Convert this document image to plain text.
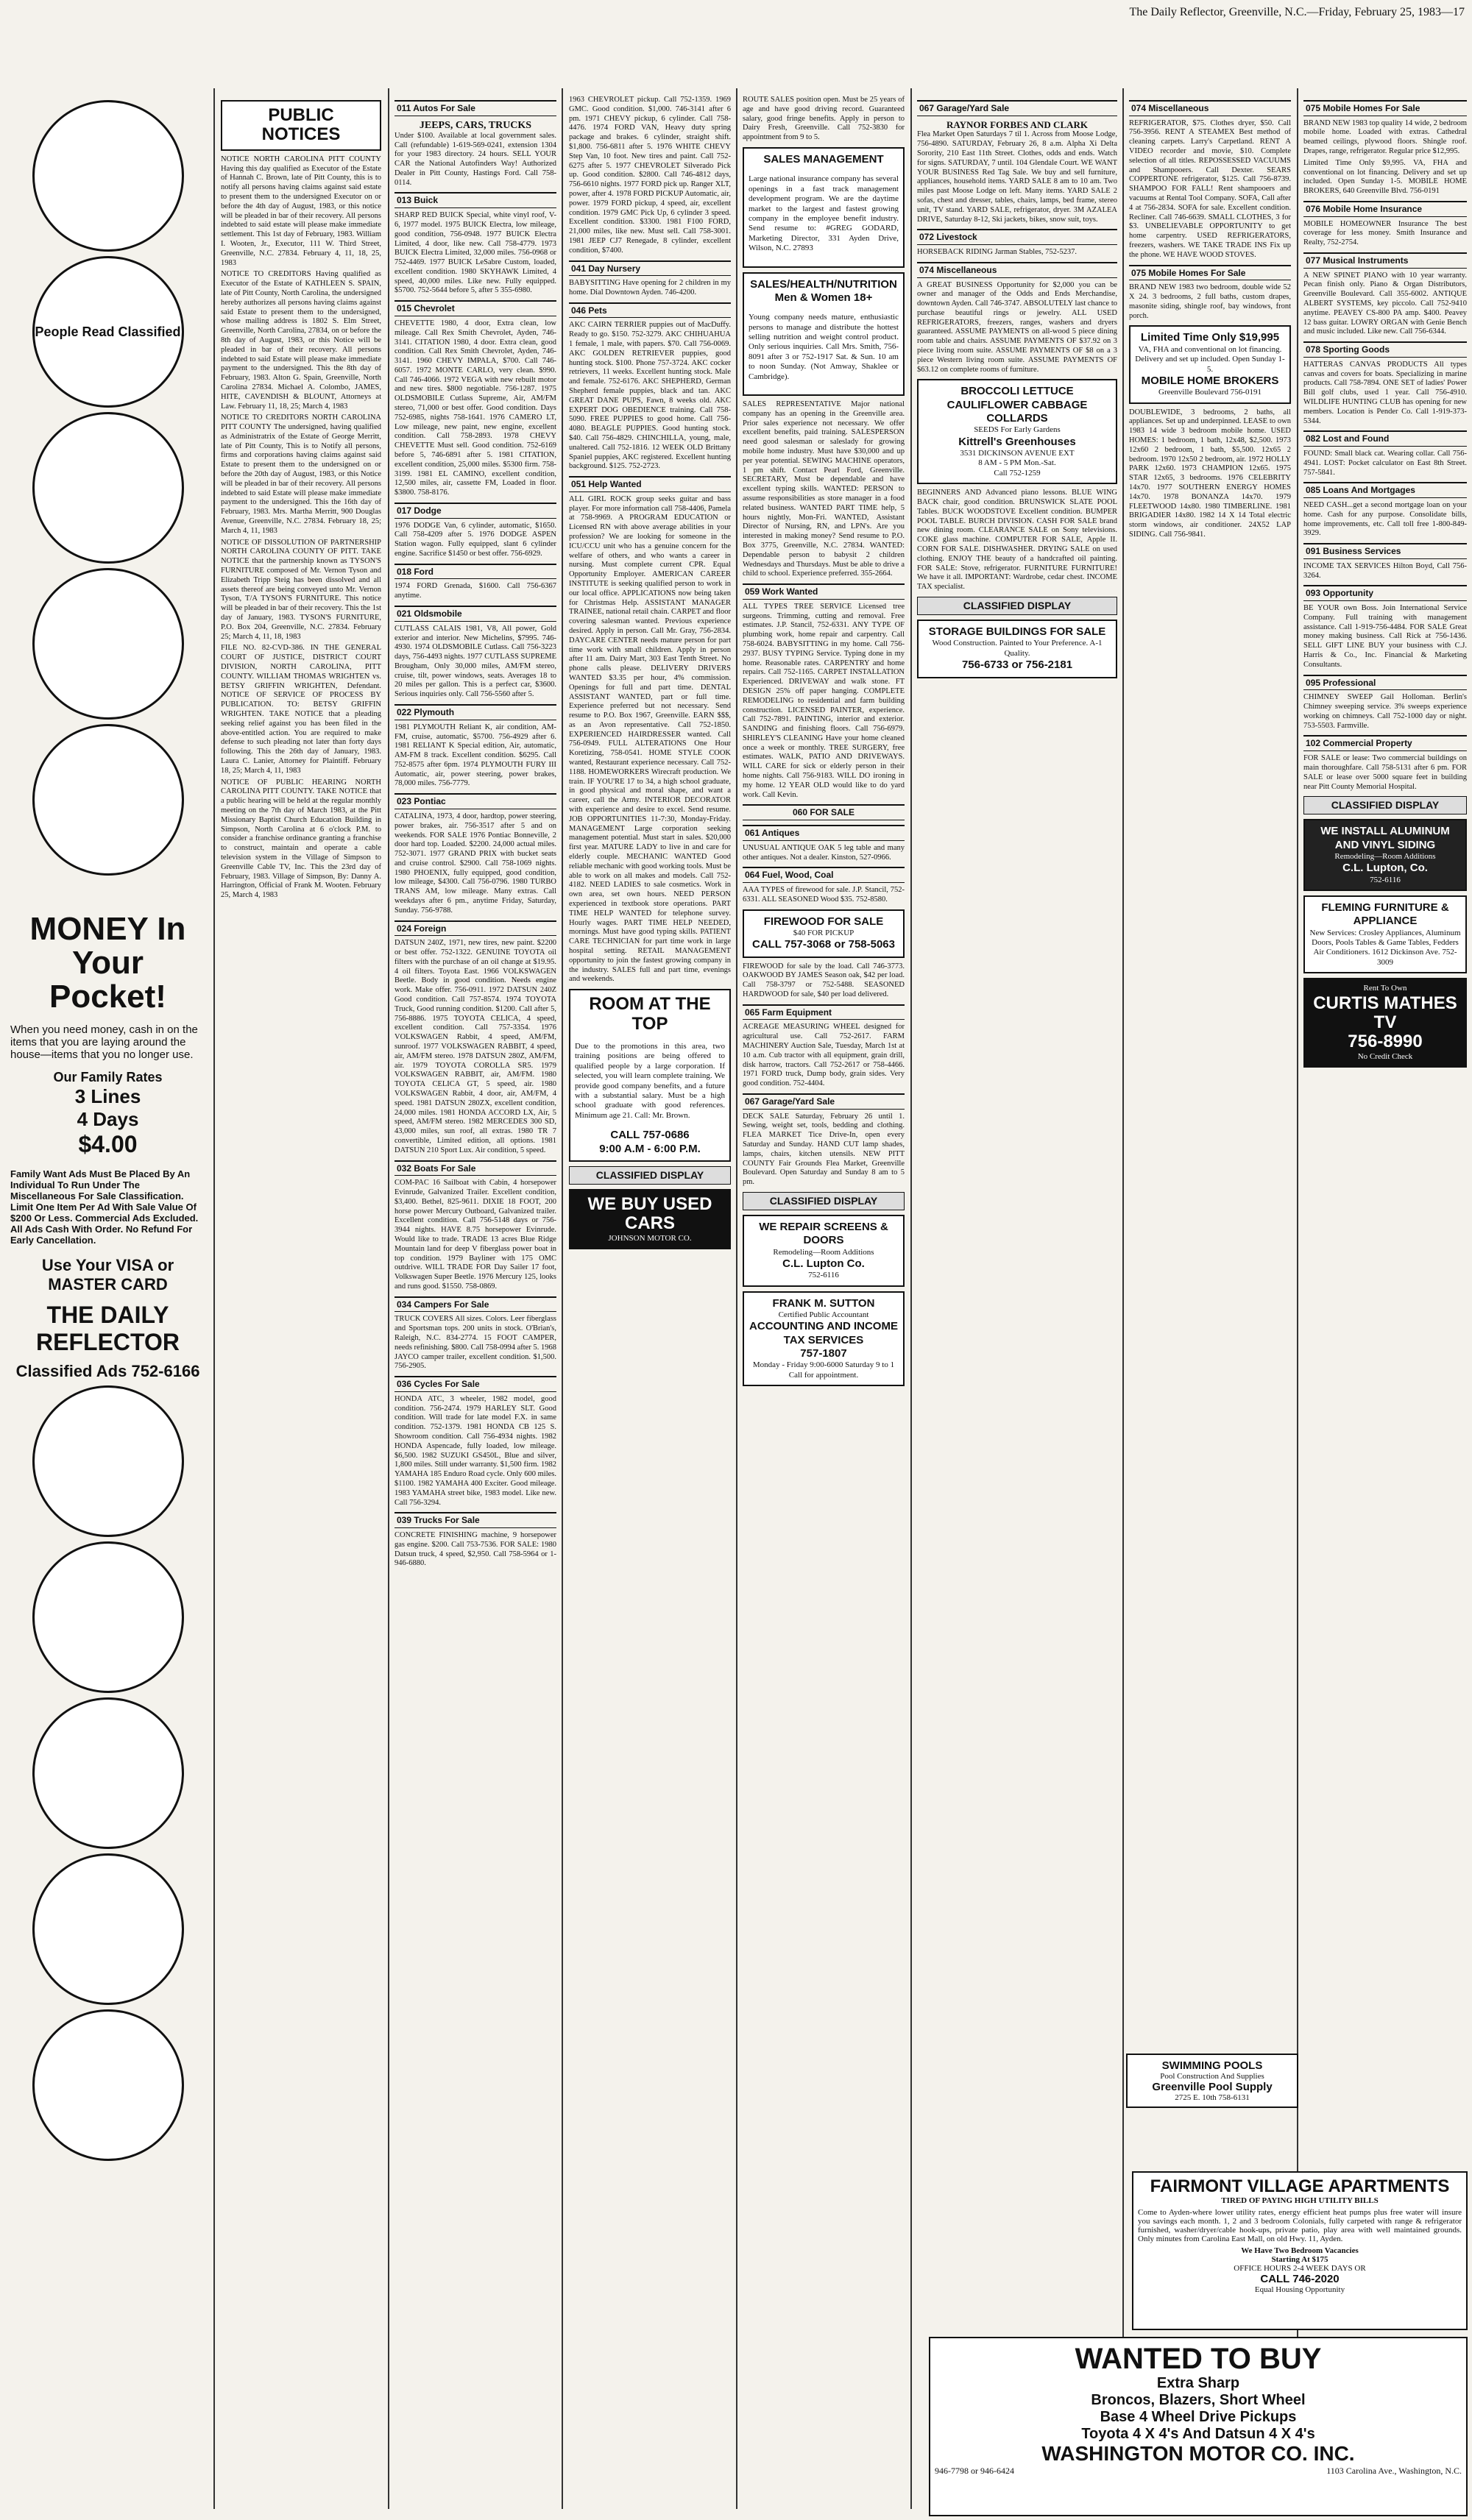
The Daily Reflector, Greenville, N.C.—Friday, February 25, 1983—17
People Read Classified
MONEY In Your Pocket!
When you need money, cash in on the items that you are laying around the house—items that you no longer use.
Our Family Rates
3 Lines
4 Days
$4.00
Family Want Ads Must Be Placed By An Individual To Run Under The Miscellaneous For Sale Classification. Limit One Item Per Ad With Sale Value Of $200 Or Less. Commercial Ads Excluded. All Ads Cash With Order. No Refund For Early Cancellation.
Use Your VISA or MASTER CARD
THE DAILY REFLECTOR
Classified Ads 752-6166
PUBLIC NOTICES

NOTICE NORTH CAROLINA PITT COUNTY Having this day qualified as Executor of the Estate of Hannah C. Brown, late of Pitt County, this is to notify all persons having claims against said estate to present them to the undersigned Executor on or before the 4th day of August, 1983, or this notice will be pleaded in bar of their recovery. All persons indebted to said estate will please make immediate settlement. This 1st day of February, 1983. William I. Wooten, Jr., Executor, 111 W. Third Street, Greenville, N.C. 27834. February 4, 11, 18, 25, 1983

NOTICE TO CREDITORS Having qualified as Executor of the Estate of KATHLEEN S. SPAIN, late of Pitt County, North Carolina, the undersigned hereby authorizes all persons having claims against said Estate to present them to the undersigned, whose mailing address is 1802 S. Elm Street, Greenville, North Carolina, 27834, on or before the 8th day of August, 1983, or this Notice will be pleaded in bar of their recovery. All persons indebted to said Estate will please make immediate payment to the undersigned. This the 8th day of February, 1983. Alton G. Spain, Greenville, North Carolina 27834. Michael A. Colombo, JAMES, HITE, CAVENDISH & BLOUNT, Attorneys at Law. February 11, 18, 25; March 4, 1983

NOTICE TO CREDITORS NORTH CAROLINA PITT COUNTY The undersigned, having qualified as Administratrix of the Estate of George Merritt, late of Pitt County, This is to Notify all persons, firms and corporations having claims against said Estate to present them to the undersigned on or before the 20th day of August, 1983, or this Notice will be pleaded in bar of their recovery. All persons indebted to said Estate will please make immediate payment to the undersigned. This the 16th day of February, 1983. Mrs. Martha Merritt, 900 Douglas Avenue, Greenville, N.C. 27834. February 18, 25; March 4, 11, 1983

NOTICE OF DISSOLUTION OF PARTNERSHIP NORTH CAROLINA COUNTY OF PITT. TAKE NOTICE that the partnership known as TYSON'S FURNITURE composed of Mr. Vernon Tyson and Elizabeth Tripp Steig has been dissolved and all assets thereof are being conveyed unto Mr. Vernon Tyson, T/A TYSON'S FURNITURE. This notice will be pleaded in bar of their recovery. This the 1st day of January, 1983. TYSON'S FURNITURE, P.O. Box 204, Greenville, N.C. 27834. February 25; March 4, 11, 18, 1983

FILE NO. 82-CVD-386. IN THE GENERAL COURT OF JUSTICE, DISTRICT COURT DIVISION, NORTH CAROLINA, PITT COUNTY. WILLIAM THOMAS WRIGHTEN vs. BETSY GRIFFIN WRIGHTEN, Defendant. NOTICE OF SERVICE OF PROCESS BY PUBLICATION. TO: BETSY GRIFFIN WRIGHTEN. TAKE NOTICE that a pleading seeking relief against you has been filed in the above-entitled action. You are required to make defense to such pleading not later than forty days following. This the 26th day of January, 1983. Laura C. Lanier, Attorney for Plaintiff. February 18, 25; March 4, 11, 1983

NOTICE OF PUBLIC HEARING NORTH CAROLINA PITT COUNTY. TAKE NOTICE that a public hearing will be held at the regular monthly meeting on the 7th day of March 1983, at the Pitt Missionary Baptist Church Education Building in Simpson, North Carolina at 6 o'clock P.M. to consider a franchise ordinance granting a franchise to construct, maintain and operate a cable television system in the Village of Simpson to Greenville Cable TV, Inc. This the 23rd day of February, 1983. Village of Simpson, By: Danny A. Harrington, Official of Frank M. Wooten. February 25, March 4, 1983

011 Autos For Sale
JEEPS, CARS, TRUCKS

Under $100. Available at local government sales. Call (refundable) 1-619-569-0241, extension 1304 for your 1983 directory. 24 hours. SELL YOUR CAR the National Autofinders Way! Authorized Dealer in Pitt County, Hastings Ford. Call 758-0114.

013 Buick

SHARP RED BUICK Special, white vinyl roof, V-6, 1977 model. 1975 BUICK Electra, low mileage, good condition, 756-0948. 1977 BUICK Electra Limited, 4 door, like new. Call 758-4779. 1973 BUICK Electra Limited, 32,000 miles. 756-0968 or 752-4469. 1977 BUICK LeSabre Custom, loaded, excellent condition. 1980 SKYHAWK Limited, 4 speed, 40,000 miles. Like new. Fully equipped. $5700. 752-5644 before 5, after 5 355-6980.

015 Chevrolet

CHEVETTE 1980, 4 door, Extra clean, low mileage. Call Rex Smith Chevrolet, Ayden, 746-3141. CITATION 1980, 4 door. Extra clean, good condition. Call Rex Smith Chevrolet, Ayden, 746-3141. 1960 CHEVY IMPALA, $700. Call 746-6057. 1972 MONTE CARLO, very clean. $990. Call 746-4066. 1972 VEGA with new rebuilt motor and new tires. $800 negotiable. 756-1287. 1975 OLDSMOBILE Cutlass Supreme, Air, AM/FM stereo, 71,000 or best offer. Good condition. Days 752-6985, nights 758-1641. 1976 CAMERO LT, Low mileage, new paint, new engine, excellent condition. Call 758-2893. 1978 CHEVY CHEVETTE Must sell. Good condition. 752-6169 before 5, 746-6891 after 5. 1981 CITATION, excellent condition, 25,000 miles. $5300 firm. 758-3199. 1981 EL CAMINO, excellent condition, 12,500 miles, air, cassette FM, Loaded in floor. $3800. 758-8176.

017 Dodge

1976 DODGE Van, 6 cylinder, automatic, $1650. Call 758-4209 after 5. 1976 DODGE ASPEN Station wagon. Fully equipped, slant 6 cylinder engine. Sacrifice $1450 or best offer. 756-6929.

018 Ford

1974 FORD Grenada, $1600. Call 756-6367 anytime.

021 Oldsmobile

CUTLASS CALAIS 1981, V8, All power, Gold exterior and interior. New Michelins, $7995. 746-4930. 1974 OLDSMOBILE Cutlass. Call 756-3223 days, 756-4493 nights. 1977 CUTLASS SUPREME Brougham, Only 30,000 miles, AM/FM stereo, cruise, tilt, power windows, seats. Averages 18 to 20 miles per gallon. This is a perfect car, $3600. Serious inquiries only. Call 756-5560 after 5.

022 Plymouth

1981 PLYMOUTH Reliant K, air condition, AM-FM, cruise, automatic, $5700. 756-4929 after 6. 1981 RELIANT K Special edition, Air, automatic, AM-FM 8 track. Excellent condition. $6295. Call 752-8575 after 6pm. 1974 PLYMOUTH FURY III Automatic, air, power steering, power brakes, 78,000 miles. 756-7779.

023 Pontiac

CATALINA, 1973, 4 door, hardtop, power steering, power brakes, air. 756-3517 after 5 and on weekends. FOR SALE 1976 Pontiac Bonneville, 2 door hard top. Loaded. $2200. 24,000 actual miles. 752-3071. 1977 GRAND PRIX with bucket seats and cruise control. $2900. Call 758-1069 nights. 1980 PHOENIX, fully equipped, good condition, low mileage, $4300. Call 756-0796. 1980 TURBO TRANS AM, low mileage. Many extras. Call weekdays after 6 pm., anytime Friday, Saturday, Sunday. 756-9788.

024 Foreign

DATSUN 240Z, 1971, new tires, new paint. $2200 or best offer. 752-1322. GENUINE TOYOTA oil filters with the purchase of an oil change at $19.95. 4 oil filters. Toyota East. 1966 VOLKSWAGEN Beetle. Body in good condition. Needs engine work. Make offer. 756-0911. 1972 DATSUN 240Z Good condition. Call 757-8574. 1974 TOYOTA Truck, Good running condition. $1200. Call after 5, 756-8886. 1975 TOYOTA CELICA, 4 speed, excellent condition. Call 757-3354. 1976 VOLKSWAGEN Rabbit, 4 speed, AM/FM, sunroof. 1977 VOLKSWAGEN RABBIT, 4 speed, air, AM/FM stereo. 1978 DATSUN 280Z, AM/FM, air. 1979 TOYOTA COROLLA SR5. 1979 VOLKSWAGEN RABBIT, air, AM/FM. 1980 TOYOTA CELICA GT, 5 speed, air. 1980 VOLKSWAGEN Rabbit, 4 door, air, AM/FM, 4 speed. 1981 DATSUN 280ZX, excellent condition, 24,000 miles. 1981 HONDA ACCORD LX, Air, 5 speed, AM/FM stereo. 1982 MERCEDES 300 SD, 43,000 miles, sun roof, all extras. 1980 TR 7 convertible, Limited edition, all options. 1981 DATSUN 210 Sport Lux. Air condition, 5 speed.

032 Boats For Sale

COM-PAC 16 Sailboat with Cabin, 4 horsepower Evinrude, Galvanized Trailer. Excellent condition, $3,400. Bethel, 825-9611. DIXIE 18 FOOT, 200 horse power Mercury Outboard, Galvanized trailer. Excellent condition. Call 756-5148 days or 756-3944 nights. HAVE 8.75 horsepower Evinrude. Would like to trade. TRADE 13 acres Blue Ridge Mountain land for deep V fiberglass power boat in top condition. 1979 Bayliner with 175 OMC outdrive. WILL TRADE FOR Day Sailer 17 foot, Volkswagen Super Beetle. 1976 Mercury 125, looks and runs good. $1550. 758-0869.

034 Campers For Sale

TRUCK COVERS All sizes. Colors. Leer fiberglass and Sportsman tops. 200 units in stock. O'Brian's, Raleigh, N.C. 834-2774. 15 FOOT CAMPER, needs refinishing. $800. Call 758-0994 after 5. 1968 JAYCO camper trailer, excellent condition. $1,500. 756-2905.

036 Cycles For Sale

HONDA ATC, 3 wheeler, 1982 model, good condition. 756-2474. 1979 HARLEY SLT. Good condition. Will trade for late model F.X. in same condition. 752-1379. 1981 HONDA CB 125 S. Showroom condition. Call 756-4934 nights. 1982 HONDA Aspencade, fully loaded, low mileage. $6,500. 1982 SUZUKI GS450L, Blue and silver, 1,800 miles. Still under warranty. $1,500 firm. 1982 YAMAHA 185 Enduro Road cycle. Only 600 miles. $1100. 1982 YAMAHA 400 Exciter. Good mileage. 1983 YAMAHA street bike, 1983 model. Like new. Call 756-3294.

039 Trucks For Sale

CONCRETE FINISHING machine, 9 horsepower gas engine. $200. Call 753-7536. FOR SALE: 1980 Datsun truck, 4 speed, $2,950. Call 758-5964 or 1-946-6880.

1963 CHEVROLET pickup. Call 752-1359. 1969 GMC. Good condition. $1,000. 746-3141 after 6 pm. 1971 CHEVY pickup, 6 cylinder. Call 758-4476. 1974 FORD VAN, Heavy duty spring package and brakes. 6 cylinder, straight shift. $1,800. 756-6811 after 5. 1976 WHITE CHEVY Step Van, 10 foot. New tires and paint. Call 752-6275 after 5. 1977 CHEVROLET Silverado Pick up. Good condition. $2800. Call 746-4812 days, 756-6610 nights. 1977 FORD pick up. Ranger XLT, power, after 4. 1978 FORD PICKUP Automatic, air, power. 1979 FORD pickup, 4 speed, air, excellent condition. 1979 GMC Pick Up, 6 cylinder 3 speed. Excellent condition. $3300. 1981 F100 FORD, 21,000 miles, like new. Must sell. Call 758-3001. 1981 JEEP CJ7 Renegade, 8 cylinder, excellent condition, $7400.

041 Day Nursery

BABYSITTING Have opening for 2 children in my home. Dial Downtown Ayden. 746-4200.

046 Pets

AKC CAIRN TERRIER puppies out of MacDuffy. Ready to go. $150. 752-3279. AKC CHIHUAHUA 1 female, 1 male, with papers. $70. Call 756-0069. AKC GOLDEN RETRIEVER puppies, good hunting stock. $100. Phone 757-3724. AKC cocker retrievers, 11 weeks. Excellent hunting stock. Male and female. 752-6176. AKC SHEPHERD, German Shepherd female puppies, black and tan. AKC GREAT DANE PUPS, Fawn, 8 weeks old. AKC EXPERT DOG OBEDIENCE training. Call 758-5090. FREE PUPPIES to good home. Call 756-4080. BEAGLE PUPPIES. Good hunting stock. $40. Call 756-4829. CHINCHILLA, young, male, unaltered. Call 752-1816. 12 WEEK OLD Brittany Spaniel puppies, AKC registered. Excellent hunting background. $125. 752-2723.

051 Help Wanted

ALL GIRL ROCK group seeks guitar and bass player. For more information call 758-4406, Pamela at 758-9969. A PROGRAM EDUCATION or Licensed RN with above average abilities in your profession? We are looking for someone in the ICU/CCU unit who has a genuine concern for the welfare of others, and who wants a career in nursing. Must complete current CPR. Equal Opportunity Employer. AMERICAN CAREER INSTITUTE is seeking qualified person to work in our local office. APPLICATIONS now being taken for Christmas Help. ASSISTANT MANAGER TRAINEE, national retail chain. CARPET and floor covering salesman wanted. Previous experience desired. Apply in person. Call Mr. Gray, 756-2834. DAYCARE CENTER needs mature person for part time work with small children. Apply in person after 11 am. Dairy Mart, 303 East Tenth Street. No phone calls please. DELIVERY DRIVERS WANTED $3.35 per hour, 4% commission. Openings for full and part time. DENTAL ASSISTANT WANTED, part or full time. Experience preferred but not necessary. Send resume to P.O. Box 1967, Greenville. EARN $$$, as an Avon representative. Call 752-1850. EXPERIENCED HAIRDRESSER wanted. Call 756-0949. FULL ALTERATIONS One Hour Koretizing, 758-0541. HOME STYLE COOK wanted, Restaurant experience necessary. Call 752-1188. HOMEWORKERS Wirecraft production. We train. IF YOU'RE 17 to 34, a high school graduate, in good physical and moral shape, and want a career, call the Army. INTERIOR DECORATOR with experience and desire to excel. Send resume. JOB OPPORTUNITIES 11-7:30, Monday-Friday. MANAGEMENT Large corporation seeking management potential. Must start in sales. $20,000 first year. MATURE LADY to live in and care for elderly couple. MECHANIC WANTED Good reliable mechanic with good working tools. Must be able to work on all makes and models. Call 752-4182. NEED LADIES to sale cosmetics. Work in own area, set own hours. NEED PERSON experienced in textbook store operations. PART TIME HELP WANTED for telephone survey. Hourly wages. PART TIME HELP NEEDED, mornings. Must have good typing skills. PATIENT CARE TECHNICIAN for part time work in large hospital setting. RETAIL MANAGEMENT opportunity to join the fastest growing company in the industry. SALES full and part time, evenings and weekends.

ROOM AT THE TOP

Due to the promotions in this area, two training positions are being offered to qualified people by a large corporation. If selected, you will learn complete training. We provide good company benefits, and a future with a substantial salary. Must be a high school graduate with good references. Minimum age 21. Call: Mr. Brown.

CALL 757-0686
9:00 A.M - 6:00 P.M.
CLASSIFIED DISPLAY
WE BUY USED CARS
JOHNSON MOTOR CO.

ROUTE SALES position open. Must be 25 years of age and have good driving record. Guaranteed salary, good fringe benefits. Apply in person to Dairy Fresh, Greenville. Call 752-3830 for appointment from 9 to 5.

SALES MANAGEMENT

Large national insurance company has several openings in a fast track management development program. We are the daytime market to the largest and fastest growing company in the employee benefit industry. Send resume to: #GREG GODARD, Marketing Director, 331 Ayden Drive, Wilson, N.C. 27893

SALES/HEALTH/NUTRITION Men & Women 18+

Young company needs mature, enthusiastic persons to manage and distribute the hottest selling nutrition and weight control product. Only serious inquiries. Call Mrs. Smith, 756-8091 after 3 or 752-1917 Sat. & Sun. 10 am to noon Sunday. (Not Amway, Shaklee or Cambridge).

SALES REPRESENTATIVE Major national company has an opening in the Greenville area. Prior sales experience not necessary. We offer excellent benefits, paid training. SALESPERSON need good salesman or saleslady for growing mobile home industry. Must have $30,000 and up per year potential. SEWING MACHINE operators, 1 pm shift. Contact Pearl Ford, Greenville. SECRETARY, Must be dependable and have excellent typing skills. WANTED: PERSON to assume responsibilities as store manager in a food related business. WANTED PART TIME help, 5 hours nightly, Mon-Fri. WANTED, Assistant Director of Nursing, RN, and LPN's. Are you interested in making money? Send resume to P.O. Box 3775, Greenville, N.C. 27834. WANTED: Dependable person to babysit 2 children Wednesdays and Thursdays. Must be able to drive a child to school. Experience preferred. 355-2664.

059 Work Wanted

ALL TYPES TREE SERVICE Licensed tree surgeons. Trimming, cutting and removal. Free estimates. J.P. Stancil, 752-6331. ANY TYPE OF plumbing work, home repair and carpentry. Call 758-6024. BABYSITTING in my home. Call 756-2937. BUSY TYPING Service. Typing done in my home. Reasonable rates. CARPENTRY and home repairs. Call 752-1165. CARPET INSTALLATION Experienced. DRIVEWAY and walk stone. FT DESIGN 25% off paper hanging. COMPLETE REMODELING to residential and farm building construction. LICENSED PAINTER, experience. Call 752-7891. PAINTING, interior and exterior. SANDING and finishing floors. Call 756-6979. SHIRLEY'S CLEANING Have your home cleaned once a week or monthly. TREE SURGERY, free estimates. WALK, PATIO AND DRIVEWAYS. WILL CARE for sick or elderly person in their home nights. Call 756-9183. WILL DO ironing in my home. 12 YEAR OLD would like to do yard work. Call Kevin.

060 FOR SALE
061 Antiques

UNUSUAL ANTIQUE OAK 5 leg table and many other antiques. Not a dealer. Kinston, 527-0966.

064 Fuel, Wood, Coal

AAA TYPES of firewood for sale. J.P. Stancil, 752-6331. ALL SEASONED Wood $35. 752-8580.

FIREWOOD FOR SALE
$40 FOR PICKUP
CALL 757-3068 or 758-5063

FIREWOOD for sale by the load. Call 746-3773. OAKWOOD BY JAMES Season oak, $42 per load. Call 758-3797 or 752-5488. SEASONED HARDWOOD for sale, $40 per load delivered.

065 Farm Equipment

ACREAGE MEASURING WHEEL designed for agricultural use. Call 752-2617. FARM MACHINERY Auction Sale, Tuesday, March 1st at 10 a.m. Cub tractor with all equipment, grain drill, disk harrow, tractors. Call 752-2617 or 758-4466. 1971 FORD truck, Dump body, grain sides. Very good condition. 752-4404.

067 Garage/Yard Sale

DECK SALE Saturday, February 26 until 1. Sewing, weight set, tools, bedding and clothing. FLEA MARKET Tice Drive-In, open every Saturday and Sunday. HAND CUT lamp shades, lamps, chairs, kitchen utensils. NEW PITT COUNTY Fair Grounds Flea Market, Greenville Boulevard. Open Saturday and Sunday 8 am to 5 pm.

CLASSIFIED DISPLAY
WE REPAIR SCREENS & DOORS
Remodeling—Room Additions
C.L. Lupton Co.
752-6116
FRANK M. SUTTON
Certified Public Accountant
ACCOUNTING AND INCOME TAX SERVICES
757-1807
Monday - Friday 9:00-6000 Saturday 9 to 1 Call for appointment.
067 Garage/Yard Sale
RAYNOR FORBES AND CLARK

Flea Market Open Saturdays 7 til 1. Across from Moose Lodge, 756-4890. SATURDAY, February 26, 8 a.m. Alpha Xi Delta Sorority, 210 East 11th Street. Clothes, odds and ends. Watch for signs. SATURDAY, 7 until. 104 Glendale Court. WE WANT YOUR BUSINESS Red Tag Sale. We buy and sell furniture, appliances, household items. YARD SALE 8 am to 10 am. Two miles past Moose Lodge on left. Many items. YARD SALE 2 sofas, chest and dresser, tables, chairs, lamps, bed frame, stereo unit, TV stand. YARD SALE, refrigerator, dryer. 3M AZALEA DRIVE, Saturday 8-12, Ski jackets, bikes, snow suit, toys.

072 Livestock

HORSEBACK RIDING Jarman Stables, 752-5237.

074 Miscellaneous

A GREAT BUSINESS Opportunity for $2,000 you can be owner and manager of the Odds and Ends Merchandise, downtown Ayden. Call 746-3747. ABSOLUTELY last chance to purchase beautiful rings or jewelry. ALL USED REFRIGERATORS, freezers, ranges, washers and dryers guaranteed. ASSUME PAYMENTS on all-wood 5 piece dining room table and chairs. ASSUME PAYMENTS OF $37.92 on 3 piece living room suite. ASSUME PAYMENTS OF $8 on a 3 piece Western living room suite. ASSUME PAYMENTS OF $63.12 on complete rooms of furniture.

BROCCOLI LETTUCE CAULIFLOWER CABBAGE COLLARDS
SEEDS For Early Gardens
Kittrell's Greenhouses
3531 DICKINSON AVENUE EXT
8 AM - 5 PM Mon.-Sat.
Call 752-1259

BEGINNERS AND Advanced piano lessons. BLUE WING BACK chair, good condition. BRUNSWICK SLATE POOL Tables. BUCK WOODSTOVE Excellent condition. BUMPER POOL TABLE. BURCH DIVISION. CASH FOR SALE brand new dining room. CLEARANCE SALE on Sony televisions. COKE glass machine. COMPUTER FOR SALE, Apple II. CORN FOR SALE. DISHWASHER. DRYING SALE on used clothing. ENJOY THE beauty of a handcrafted oil painting. FOR SALE: Stove, refrigerator. FURNITURE FURNITURE! We have it all. IMPORTANT: Wardrobe, cedar chest. INCOME TAX specialist.

CLASSIFIED DISPLAY
STORAGE BUILDINGS FOR SALE
Wood Construction. Painted to Your Preference. A-1 Quality.
756-6733 or 756-2181
074 Miscellaneous

REFRIGERATOR, $75. Clothes dryer, $50. Call 756-3956. RENT A STEAMEX Best method of cleaning carpets. Larry's Carpetland. RENT A VIDEO recorder and movie, $10. Complete selection of all titles. REPOSSESSED VACUUMS and Shampooers. Call Dexter. SEARS COPPERTONE refrigerator, $125. Call 756-8739. SHAMPOO FOR FALL! Rent shampooers and vacuums at Rental Tool Company. SOFA, Call after 4 at 756-2834. SOFA for sale. Excellent condition. Recliner. Call 746-6639. SMALL CLOTHES, 3 for $3. UNBELIEVABLE OPPORTUNITY to get home carpentry. USED REFRIGERATORS, freezers, washers. WE TAKE TRADE INS Fix up the phone. WE HAVE WOOD STOVES.

075 Mobile Homes For Sale

BRAND NEW 1983 two bedroom, double wide 52 X 24. 3 bedrooms, 2 full baths, custom drapes, masonite siding, shingle roof, bay windows, front porch.

Limited Time Only $19,995
VA, FHA and conventional on lot financing. Delivery and set up included. Open Sunday 1-5.
MOBILE HOME BROKERS
Greenville Boulevard 756-0191

DOUBLEWIDE, 3 bedrooms, 2 baths, all appliances. Set up and underpinned. LEASE to own 1983 14 wide 3 bedroom mobile home. USED HOMES: 1 bedroom, 1 bath, 12x48, $2,500. 1973 12x60 2 bedroom, 1 bath, $5,500. 12x65 2 bedroom. 1970 12x50 2 bedroom, air. 1972 HOLLY PARK 12x60. 1973 CHAMPION 12x65. 1975 STAR 12x65, 3 bedrooms. 1976 CELEBRITY 14x70. 1977 SOUTHERN ENERGY HOMES 14x70. 1978 BONANZA 14x70. 1979 FLEETWOOD 14x80. 1980 TIMBERLINE. 1981 BRIGADIER 14x80. 1982 14 X 14 Total electric storm windows, air conditioner. 24X52 LAP SIDING. Call 756-9841.

075 Mobile Homes For Sale

BRAND NEW 1983 top quality 14 wide, 2 bedroom mobile home. Loaded with extras. Cathedral beamed ceilings, plywood floors. Shingle roof. Drapes, range, refrigerator. Regular price $12,995.

Limited Time Only $9,995. VA, FHA and conventional on lot financing. Delivery and set up included. Open Sunday 1-5. MOBILE HOME BROKERS, 640 Greenville Blvd. 756-0191

076 Mobile Home Insurance

MOBILE HOMEOWNER Insurance The best coverage for less money. Smith Insurance and Realty, 752-2754.

077 Musical Instruments

A NEW SPINET PIANO with 10 year warranty. Pecan finish only. Piano & Organ Distributors, Greenville Boulevard. Call 355-6002. ANTIQUE ALBERT SYSTEMS, key piccolo. Call 752-9410 anytime. PEAVEY CS-800 PA amp. $400. Peavey 12 bass guitar. LOWRY ORGAN with Genie Bench and music included. Like new. Call 756-6344.

078 Sporting Goods

HATTERAS CANVAS PRODUCTS All types canvas and covers for boats. Specializing in marine products. Call 758-7894. ONE SET of ladies' Power Bill golf clubs, used 1 year. Call 756-4910. WILDLIFE HUNTING CLUB has opening for new members. Location is Pender Co. Call 1-919-373-5344.

082 Lost and Found

FOUND: Small black cat. Wearing collar. Call 756-4941. LOST: Pocket calculator on East 8th Street. 757-5841.

085 Loans And Mortgages

NEED CASH...get a second mortgage loan on your home. Cash for any purpose. Consolidate bills, home improvements, etc. Call toll free 1-800-849-3929.

091 Business Services

INCOME TAX SERVICES Hilton Boyd, Call 756-3264.

093 Opportunity

BE YOUR own Boss. Join International Service Company. Full training with management assistance. Call 1-919-756-4484. FOR SALE Great money making business. Call Rick at 756-1436. SELL GIFT LINE BUY your business with C.J. Harris & Co., Inc. Financial & Marketing Consultants.

095 Professional

CHIMNEY SWEEP Gail Holloman. Berlin's Chimney sweeping service. 3% sweeps experience working on chimneys. Call 752-1000 day or night. 753-5503. Farmville.

102 Commercial Property

FOR SALE or lease: Two commercial buildings on main thoroughfare. Call 758-5131 after 6 pm. FOR SALE or lease over 5000 square feet in building near Pitt County Memorial Hospital.

CLASSIFIED DISPLAY
WE INSTALL ALUMINUM AND VINYL SIDING
Remodeling—Room Additions
C.L. Lupton, Co.
752-6116
FLEMING FURNITURE & APPLIANCE
New Services: Crosley Appliances, Aluminum Doors, Pools Tables & Game Tables, Fedders Air Conditioners. 1612 Dickinson Ave. 752-3009
Rent To Own
CURTIS MATHES TV
756-8990
No Credit Check
SWIMMING POOLS
Pool Construction And Supplies
Greenville Pool Supply
2725 E. 10th 758-6131
FAIRMONT VILLAGE APARTMENTS
TIRED OF PAYING HIGH UTILITY BILLS

Come to Ayden-where lower utility rates, energy efficient heat pumps plus free water will insure you savings each month. 1, 2 and 3 bedroom Colonials, fully carpeted with range & refrigerator furnished, washer/dryer/cable hook-ups, private patio, play area with well maintained grounds. Only minutes from Carolina East Mall, on old Hwy. 11, Ayden.

We Have Two Bedroom Vacancies
Starting At $175
OFFICE HOURS 2-4 WEEK DAYS OR
CALL 746-2020
Equal Housing Opportunity
WANTED TO BUY
Extra Sharp
Broncos, Blazers, Short Wheel
Base 4 Wheel Drive Pickups
Toyota 4 X 4's And Datsun 4 X 4's
WASHINGTON MOTOR CO. INC.
946-7798 or 946-6424	1103 Carolina Ave., Washington, N.C.
